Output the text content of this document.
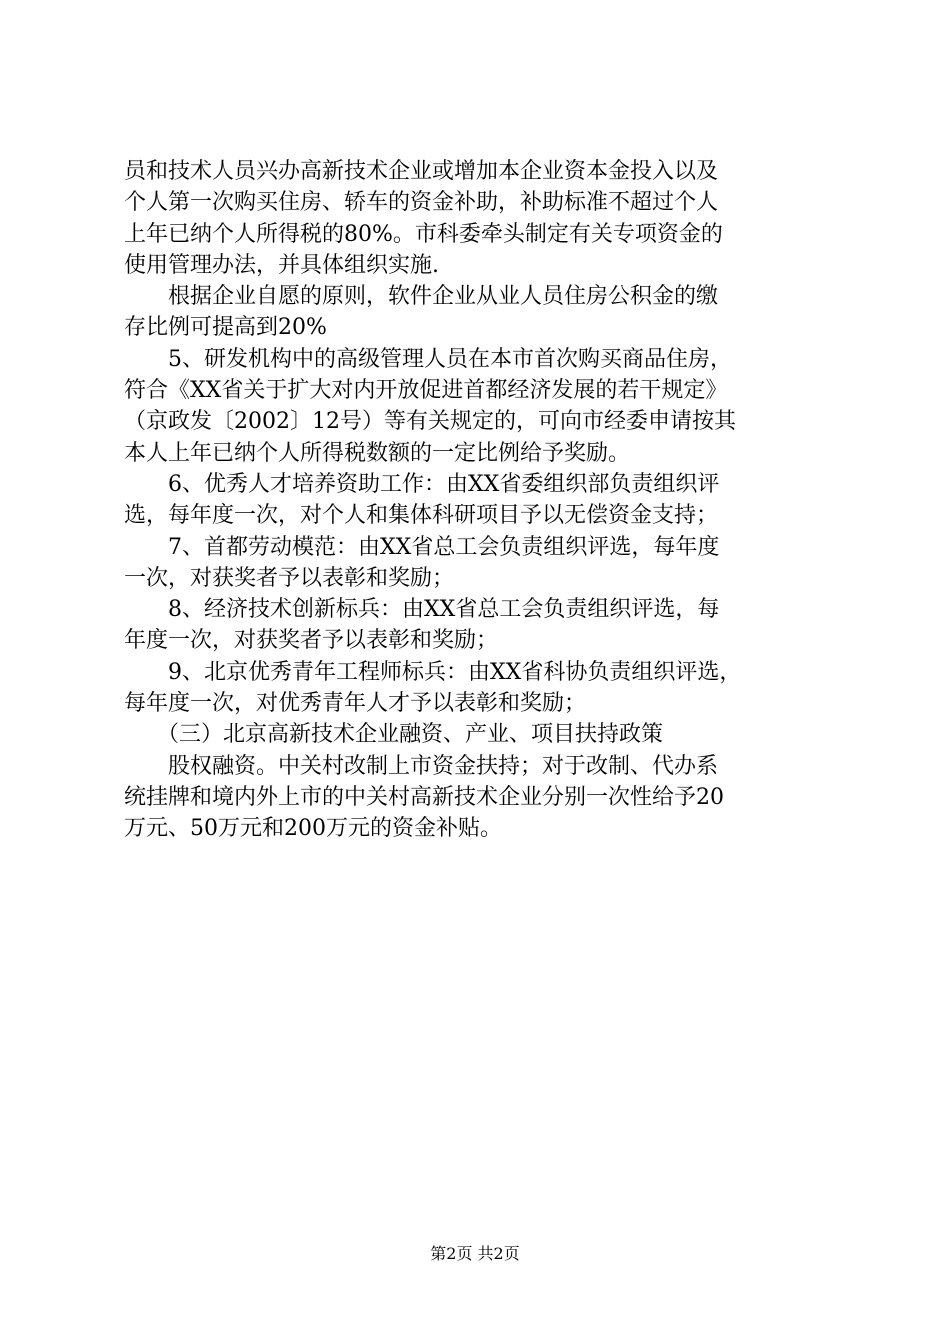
员和技术人员兴办高新技术企业或增加本企业资本金投入以及
个人第一次购买住房、轿车的资金补助，补助标准不超过个人
上年已纳个人所得税的80%。市科委牵头制定有关专项资金的
使用管理办法，并具体组织实施.
　　根据企业自愿的原则，软件企业从业人员住房公积金的缴
存比例可提高到20%
　　5、研发机构中的高级管理人员在本市首次购买商品住房，
符合《XX省关于扩大对内开放促进首都经济发展的若干规定》
（京政发〔2002〕12号）等有关规定的，可向市经委申请按其
本人上年已纳个人所得税数额的一定比例给予奖励。
　　6、优秀人才培养资助工作：由XX省委组织部负责组织评
选，每年度一次，对个人和集体科研项目予以无偿资金支持；
　　7、首都劳动模范：由XX省总工会负责组织评选，每年度
一次，对获奖者予以表彰和奖励；
　　8、经济技术创新标兵：由XX省总工会负责组织评选，每
年度一次，对获奖者予以表彰和奖励；
　　9、北京优秀青年工程师标兵：由XX省科协负责组织评选，
每年度一次，对优秀青年人才予以表彰和奖励；
　　（三）北京高新技术企业融资、产业、项目扶持政策
　　股权融资。中关村改制上市资金扶持；对于改制、代办系
统挂牌和境内外上市的中关村高新技术企业分别一次性给予20
万元、50万元和200万元的资金补贴。
第2页 共2页
